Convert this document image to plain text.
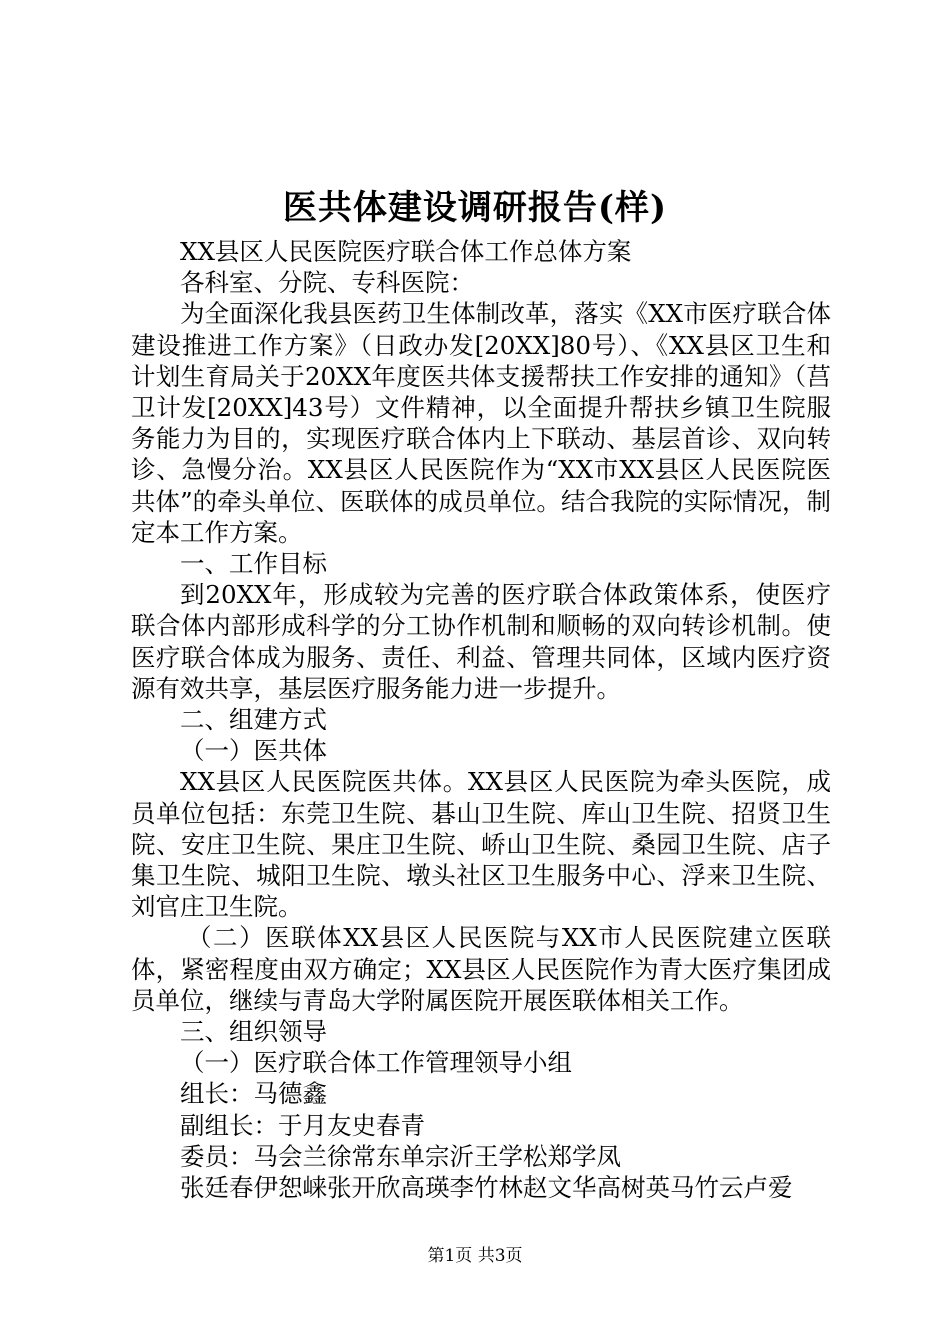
医共体建设调研报告(样)

XX县区人民医院医疗联合体工作总体方案

各科室、分院、专科医院：

为全面深化我县医药卫生体制改革，落实《XX市医疗联合体建设推进工作方案》（日政办发[20XX]80号）、《XX县区卫生和计划生育局关于20XX年度医共体支援帮扶工作安排的通知》（莒卫计发[20XX]43号）文件精神，以全面提升帮扶乡镇卫生院服务能力为目的，实现医疗联合体内上下联动、基层首诊、双向转诊、急慢分治。XX县区人民医院作为“XX市XX县区人民医院医共体”的牵头单位、医联体的成员单位。结合我院的实际情况，制定本工作方案。

一、工作目标

到20XX年，形成较为完善的医疗联合体政策体系，使医疗联合体内部形成科学的分工协作机制和顺畅的双向转诊机制。使医疗联合体成为服务、责任、利益、管理共同体，区域内医疗资源有效共享，基层医疗服务能力进一步提升。

二、组建方式

（一）医共体

XX县区人民医院医共体。XX县区人民医院为牵头医院，成员单位包括：东莞卫生院、碁山卫生院、库山卫生院、招贤卫生院、安庄卫生院、果庄卫生院、峤山卫生院、桑园卫生院、店子集卫生院、城阳卫生院、墩头社区卫生服务中心、浮来卫生院、刘官庄卫生院。

（二）医联体XX县区人民医院与XX市人民医院建立医联体，紧密程度由双方确定；XX县区人民医院作为青大医疗集团成员单位，继续与青岛大学附属医院开展医联体相关工作。

三、组织领导

（一）医疗联合体工作管理领导小组

组长：马德鑫

副组长：于月友史春青

委员：马会兰徐常东单宗沂王学松郑学凤

张廷春伊恕崃张开欣高瑛李竹林赵文华高树英马竹云卢爱

第1页 共3页
